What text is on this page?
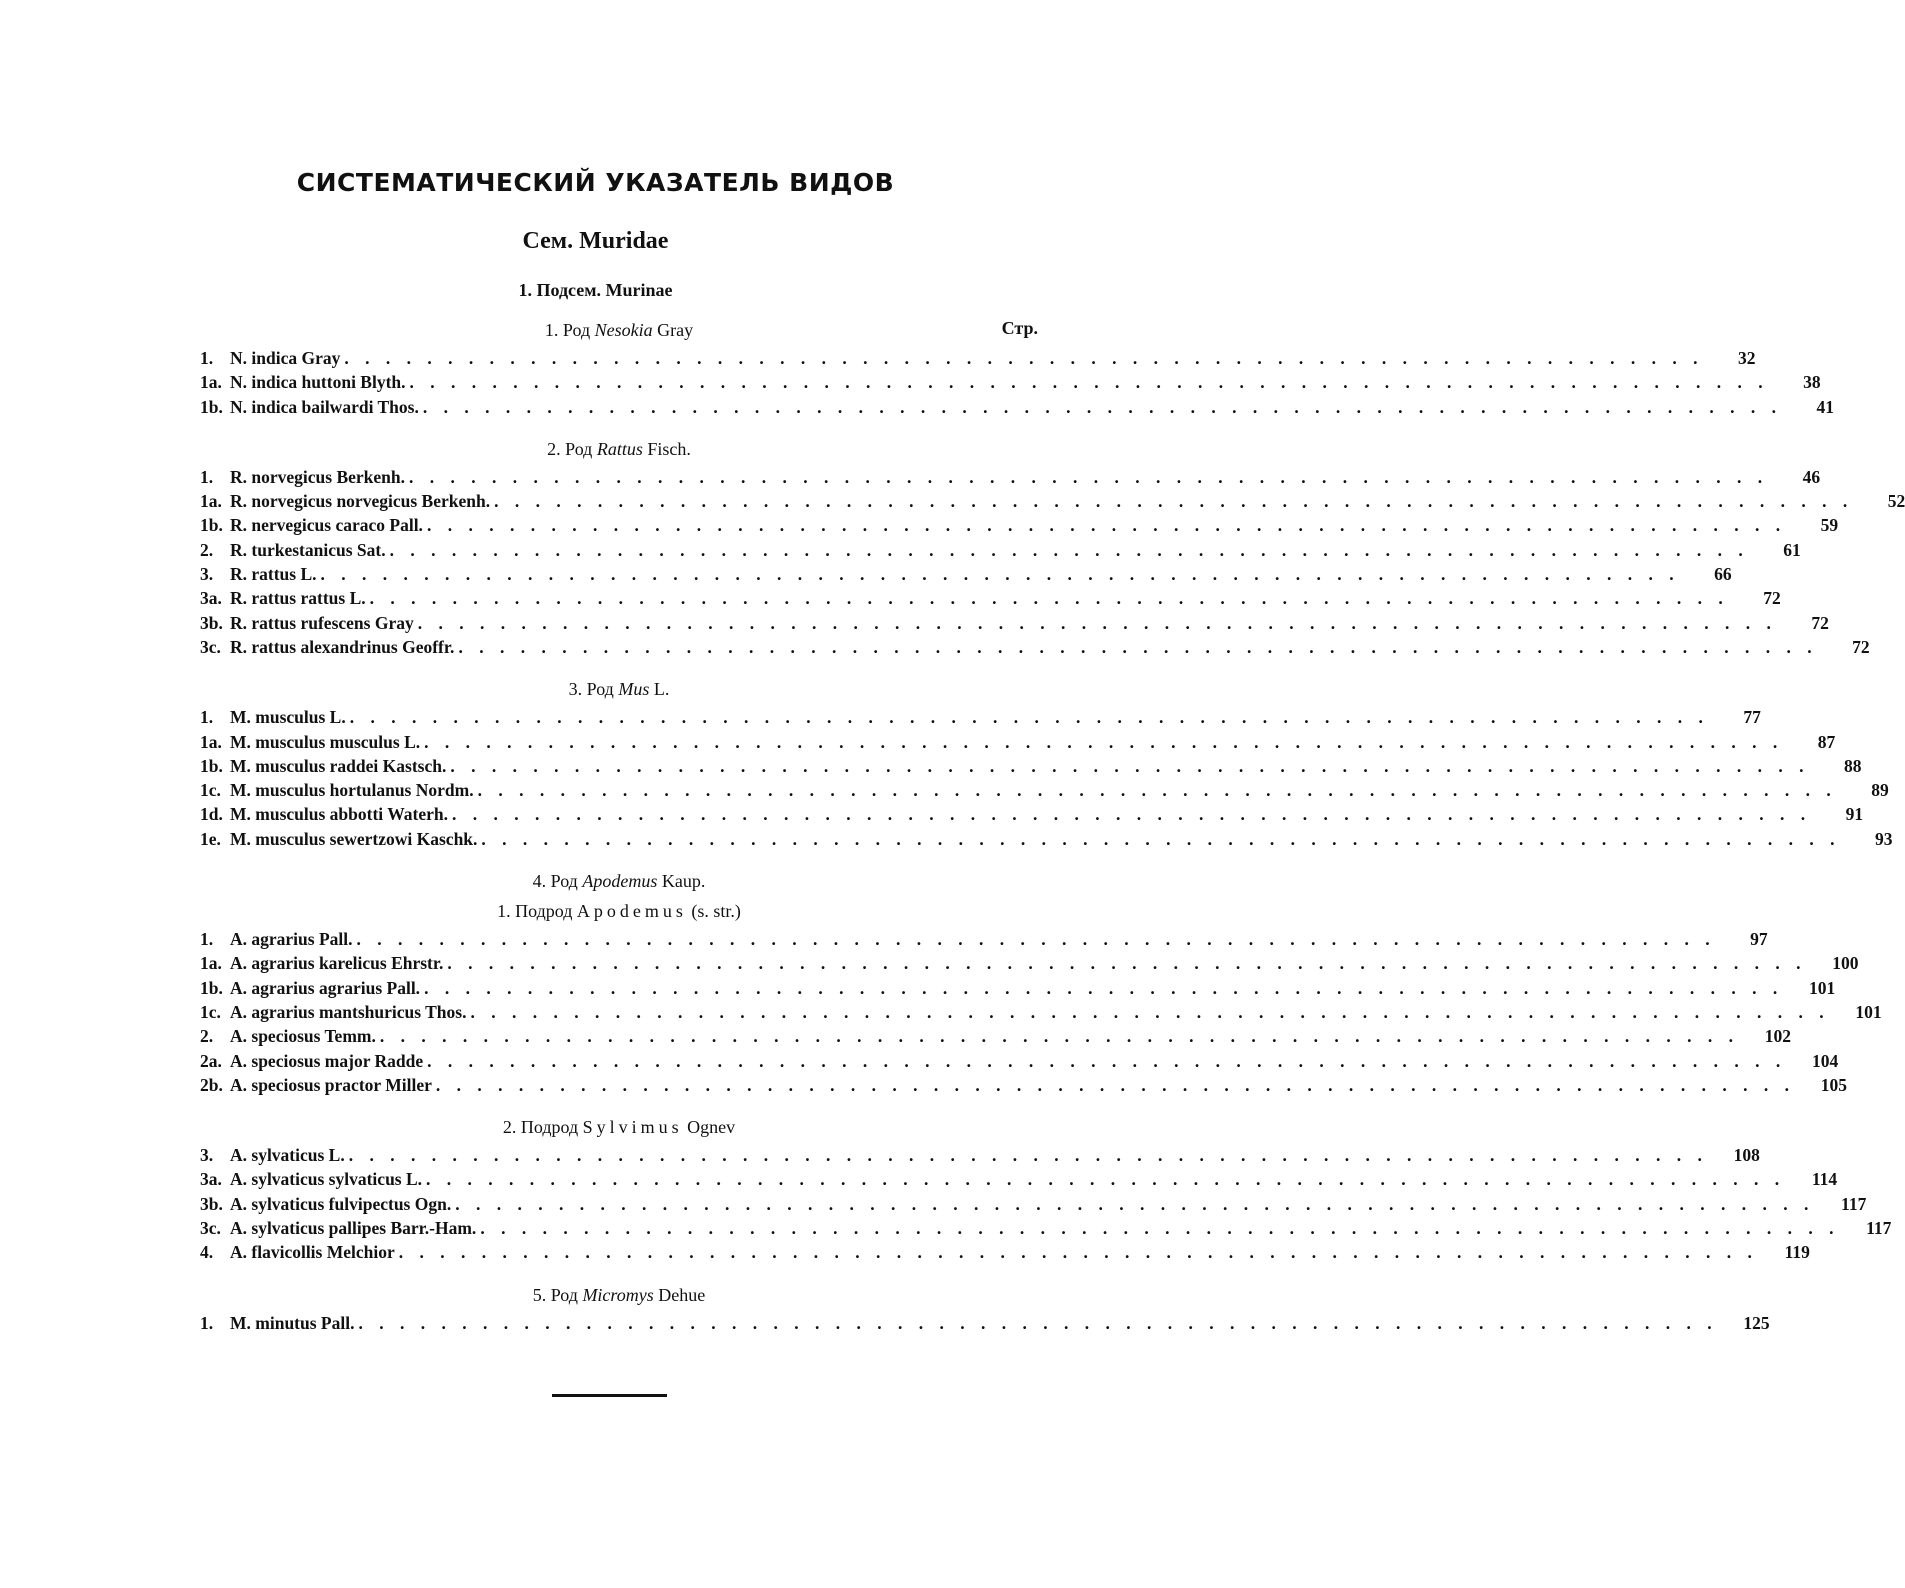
СИСТЕМАТИЧЕСКИЙ УКАЗАТЕЛЬ ВИДОВ
Сем. Muridae
1. Подсем. Murinae
1. Род Nesokia Gray	Стр.
1. N. indica Gray . . . . . . . . . . . . . . . . . . . . . . . . . . . . . . . . . . . . . . . . . . . . . . . . . . . . . . . . . . . . . . . . . .	32
1a. N. indica huttoni Blyth. . . . . . . . . . . . . . . . . . . . . . . . . . . . . . . . . . . . . . . . . . . . . . . . . . . . . . . . . . . . . . . . . . .	38
1b. N. indica bailwardi Thos. . . . . . . . . . . . . . . . . . . . . . . . . . . . . . . . . . . . . . . . . . . . . . . . . . . . . . . . . . . . . . . . . . .	41
2. Род Rattus Fisch.
1. R. norvegicus Berkenh. . . . . . . . . . . . . . . . . . . . . . . . . . . . . . . . . . . . . . . . . . . . . . . . . . . . . . . . . . . . . . . . . . .	46
1a. R. norvegicus norvegicus Berkenh. . . . . . . . . . . . . . . . . . . . . . . . . . . . . . . . . . . . . . . . . . . . . . . . . . . . . . . . . . . . . . . . . . .	52
1b. R. nervegicus caraco Pall. . . . . . . . . . . . . . . . . . . . . . . . . . . . . . . . . . . . . . . . . . . . . . . . . . . . . . . . . . . . . . . . . . .	59
2. R. turkestanicus Sat. . . . . . . . . . . . . . . . . . . . . . . . . . . . . . . . . . . . . . . . . . . . . . . . . . . . . . . . . . . . . . . . . . .	61
3. R. rattus L. . . . . . . . . . . . . . . . . . . . . . . . . . . . . . . . . . . . . . . . . . . . . . . . . . . . . . . . . . . . . . . . . . .	66
3a. R. rattus rattus L. . . . . . . . . . . . . . . . . . . . . . . . . . . . . . . . . . . . . . . . . . . . . . . . . . . . . . . . . . . . . . . . . . .	72
3b. R. rattus rufescens Gray . . . . . . . . . . . . . . . . . . . . . . . . . . . . . . . . . . . . . . . . . . . . . . . . . . . . . . . . . . . . . . . . . .	72
3c. R. rattus alexandrinus Geoffr. . . . . . . . . . . . . . . . . . . . . . . . . . . . . . . . . . . . . . . . . . . . . . . . . . . . . . . . . . . . . . . . . . .	72
3. Род Mus L.
1. M. musculus L. . . . . . . . . . . . . . . . . . . . . . . . . . . . . . . . . . . . . . . . . . . . . . . . . . . . . . . . . . . . . . . . . . .	77
1a. M. musculus musculus L. . . . . . . . . . . . . . . . . . . . . . . . . . . . . . . . . . . . . . . . . . . . . . . . . . . . . . . . . . . . . . . . . . .	87
1b. M. musculus raddei Kastsch. . . . . . . . . . . . . . . . . . . . . . . . . . . . . . . . . . . . . . . . . . . . . . . . . . . . . . . . . . . . . . . . . . .	88
1c. M. musculus hortulanus Nordm. . . . . . . . . . . . . . . . . . . . . . . . . . . . . . . . . . . . . . . . . . . . . . . . . . . . . . . . . . . . . . . . . . .	89
1d. M. musculus abbotti Waterh. . . . . . . . . . . . . . . . . . . . . . . . . . . . . . . . . . . . . . . . . . . . . . . . . . . . . . . . . . . . . . . . . . .	91
1e. M. musculus sewertzowi Kaschk. . . . . . . . . . . . . . . . . . . . . . . . . . . . . . . . . . . . . . . . . . . . . . . . . . . . . . . . . . . . . . . . . . .	93
4. Род Apodemus Kaup.
1. Подрод Apodemus (s. str.)
1. A. agrarius Pall. . . . . . . . . . . . . . . . . . . . . . . . . . . . . . . . . . . . . . . . . . . . . . . . . . . . . . . . . . . . . . . . . . .	97
1a. A. agrarius karelicus Ehrstr. . . . . . . . . . . . . . . . . . . . . . . . . . . . . . . . . . . . . . . . . . . . . . . . . . . . . . . . . . . . . . . . . . .	100
1b. A. agrarius agrarius Pall. . . . . . . . . . . . . . . . . . . . . . . . . . . . . . . . . . . . . . . . . . . . . . . . . . . . . . . . . . . . . . . . . . .	101
1c. A. agrarius mantshuricus Thos. . . . . . . . . . . . . . . . . . . . . . . . . . . . . . . . . . . . . . . . . . . . . . . . . . . . . . . . . . . . . . . . . . .	101
2. A. speciosus Temm. . . . . . . . . . . . . . . . . . . . . . . . . . . . . . . . . . . . . . . . . . . . . . . . . . . . . . . . . . . . . . . . . . .	102
2a. A. speciosus major Radde . . . . . . . . . . . . . . . . . . . . . . . . . . . . . . . . . . . . . . . . . . . . . . . . . . . . . . . . . . . . . . . . . .	104
2b. A. speciosus practor Miller . . . . . . . . . . . . . . . . . . . . . . . . . . . . . . . . . . . . . . . . . . . . . . . . . . . . . . . . . . . . . . . . . .	105
2. Подрод Sylvimus Ognev
3. A. sylvaticus L. . . . . . . . . . . . . . . . . . . . . . . . . . . . . . . . . . . . . . . . . . . . . . . . . . . . . . . . . . . . . . . . . . .	108
3a. A. sylvaticus sylvaticus L. . . . . . . . . . . . . . . . . . . . . . . . . . . . . . . . . . . . . . . . . . . . . . . . . . . . . . . . . . . . . . . . . . .	114
3b. A. sylvaticus fulvipectus Ogn. . . . . . . . . . . . . . . . . . . . . . . . . . . . . . . . . . . . . . . . . . . . . . . . . . . . . . . . . . . . . . . . . . .	117
3c. A. sylvaticus pallipes Barr.-Ham. . . . . . . . . . . . . . . . . . . . . . . . . . . . . . . . . . . . . . . . . . . . . . . . . . . . . . . . . . . . . . . . . . .	117
4. A. flavicollis Melchior . . . . . . . . . . . . . . . . . . . . . . . . . . . . . . . . . . . . . . . . . . . . . . . . . . . . . . . . . . . . . . . . . .	119
5. Род Micromys Dehue
1. M. minutus Pall. . . . . . . . . . . . . . . . . . . . . . . . . . . . . . . . . . . . . . . . . . . . . . . . . . . . . . . . . . . . . . . . . . .	125
